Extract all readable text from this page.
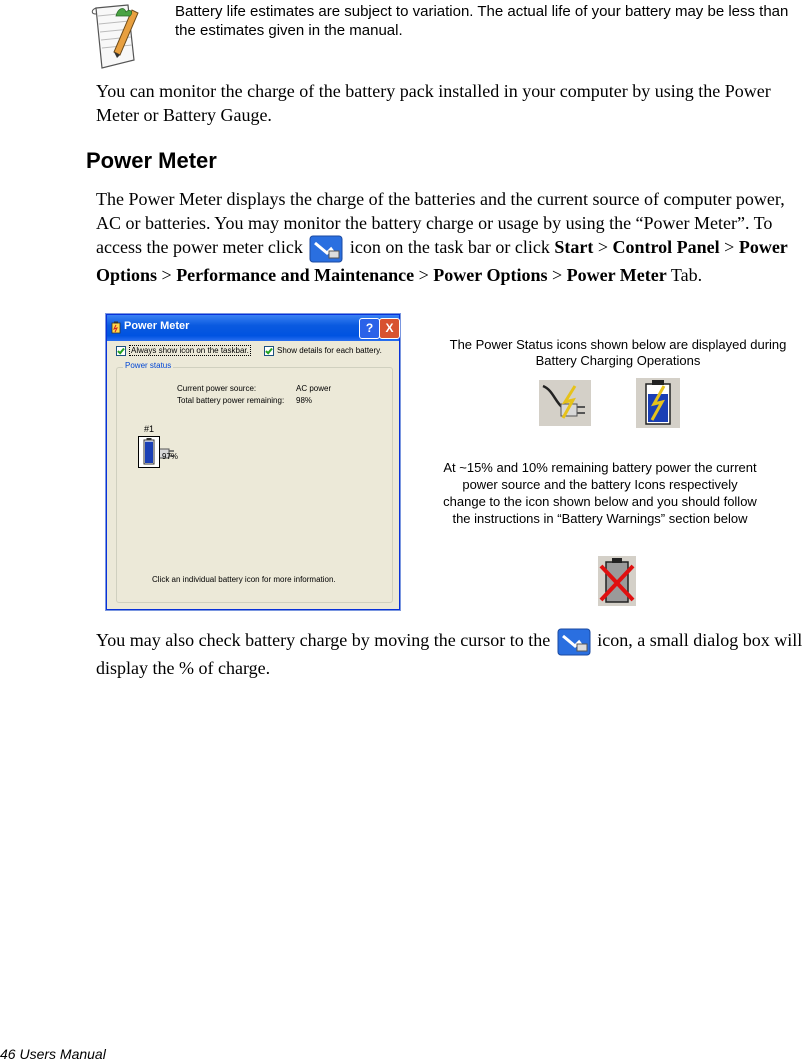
Battery life estimates are subject to variation. The actual life of your battery may be less than the estimates given in the manual.

You can monitor the charge of the battery pack installed in your computer by using the Power Meter or Battery Gauge.

Power Meter

The Power Meter displays the charge of the batteries and the current source of computer power, AC or batteries. You may monitor the battery charge or usage by using the “Power Meter”. To access the power meter click	icon on the task bar or click Start > Control Panel > Power Options > Performance and Maintenance > Power Options > Power Meter Tab.

Power Meter	?	X
Always show icon on the taskbar.	Show details for each battery.
Power status
Current power source:	AC power
Total battery power remaining: 98%
#1
97%
Click an individual battery icon for more information.
The Power Status icons shown below are displayed during Battery Charging Operations
At ~15% and 10% remaining battery power the current power source and the battery Icons respectively change to the icon shown below and you should follow the instructions in “Battery Warnings” section below

You may also check battery charge by moving the cursor to the	icon, a small dialog box will display the % of charge.

46 Users Manual
